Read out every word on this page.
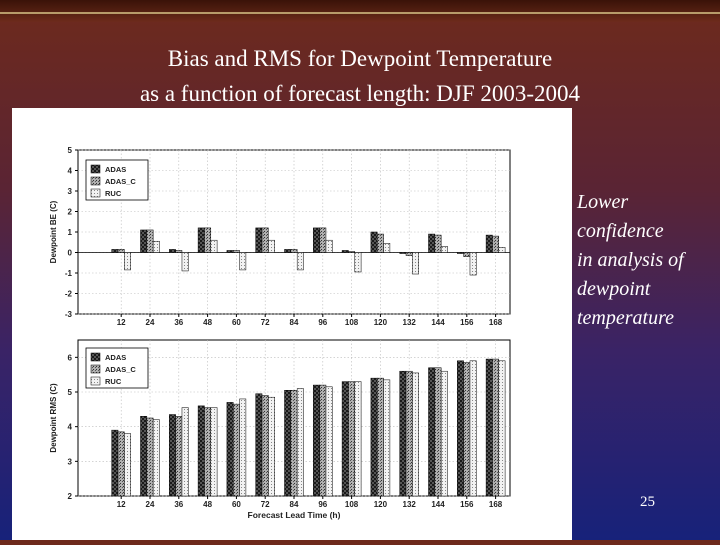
Bias and RMS for Dewpoint Temperature
as a function of forecast length: DJF 2003-2004
-3
-2
-1
0
1
2
3
4
5
12 24 36 48 60 72 84 96 108 120 132 144 156 168
Dewpoint BE (C)
ADAS
ADAS_C
RUC
2
3
4
5
6
12 24 36 48 60 72 84 96 108 120 132 144 156 168
Dewpoint RMS (C)
Forecast Lead Time (h)
ADAS
ADAS_C
RUC
Lower
confidence
in analysis of
dewpoint
temperature
25
